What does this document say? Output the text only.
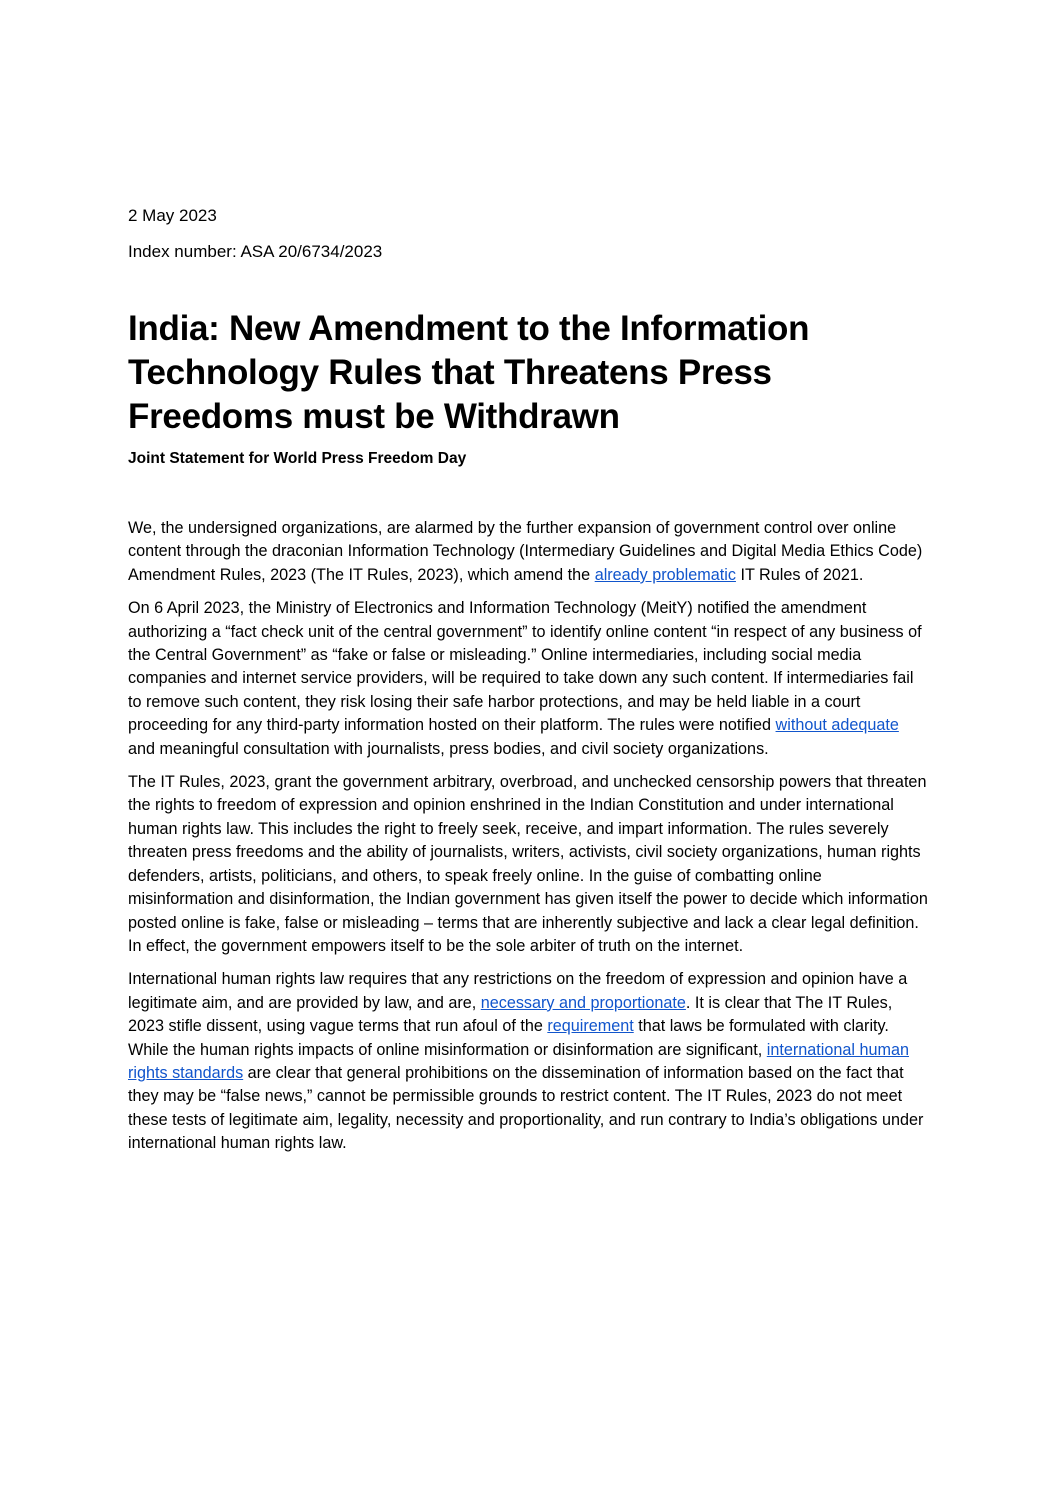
2 May 2023

Index number: ASA 20/6734/2023

India: New Amendment to the Information Technology Rules that Threatens Press Freedoms must be Withdrawn

Joint Statement for World Press Freedom Day

We, the undersigned organizations, are alarmed by the further expansion of government control over online content through the draconian Information Technology (Intermediary Guidelines and Digital Media Ethics Code) Amendment Rules, 2023 (The IT Rules, 2023), which amend the already problematic IT Rules of 2021.

On 6 April 2023, the Ministry of Electronics and Information Technology (MeitY) notified the amendment authorizing a “fact check unit of the central government” to identify online content “in respect of any business of the Central Government” as “fake or false or misleading.” Online intermediaries, including social media companies and internet service providers, will be required to take down any such content. If intermediaries fail to remove such content, they risk losing their safe harbor protections, and may be held liable in a court proceeding for any third-party information hosted on their platform. The rules were notified without adequate and meaningful consultation with journalists, press bodies, and civil society organizations.

The IT Rules, 2023, grant the government arbitrary, overbroad, and unchecked censorship powers that threaten the rights to freedom of expression and opinion enshrined in the Indian Constitution and under international human rights law. This includes the right to freely seek, receive, and impart information. The rules severely threaten press freedoms and the ability of journalists, writers, activists, civil society organizations, human rights defenders, artists, politicians, and others, to speak freely online. In the guise of combatting online misinformation and disinformation, the Indian government has given itself the power to decide which information posted online is fake, false or misleading – terms that are inherently subjective and lack a clear legal definition. In effect, the government empowers itself to be the sole arbiter of truth on the internet.

International human rights law requires that any restrictions on the freedom of expression and opinion have a legitimate aim, and are provided by law, and are, necessary and proportionate. It is clear that The IT Rules, 2023 stifle dissent, using vague terms that run afoul of the requirement that laws be formulated with clarity. While the human rights impacts of online misinformation or disinformation are significant, international human rights standards are clear that general prohibitions on the dissemination of information based on the fact that they may be “false news,” cannot be permissible grounds to restrict content. The IT Rules, 2023 do not meet these tests of legitimate aim, legality, necessity and proportionality, and run contrary to India’s obligations under international human rights law.
